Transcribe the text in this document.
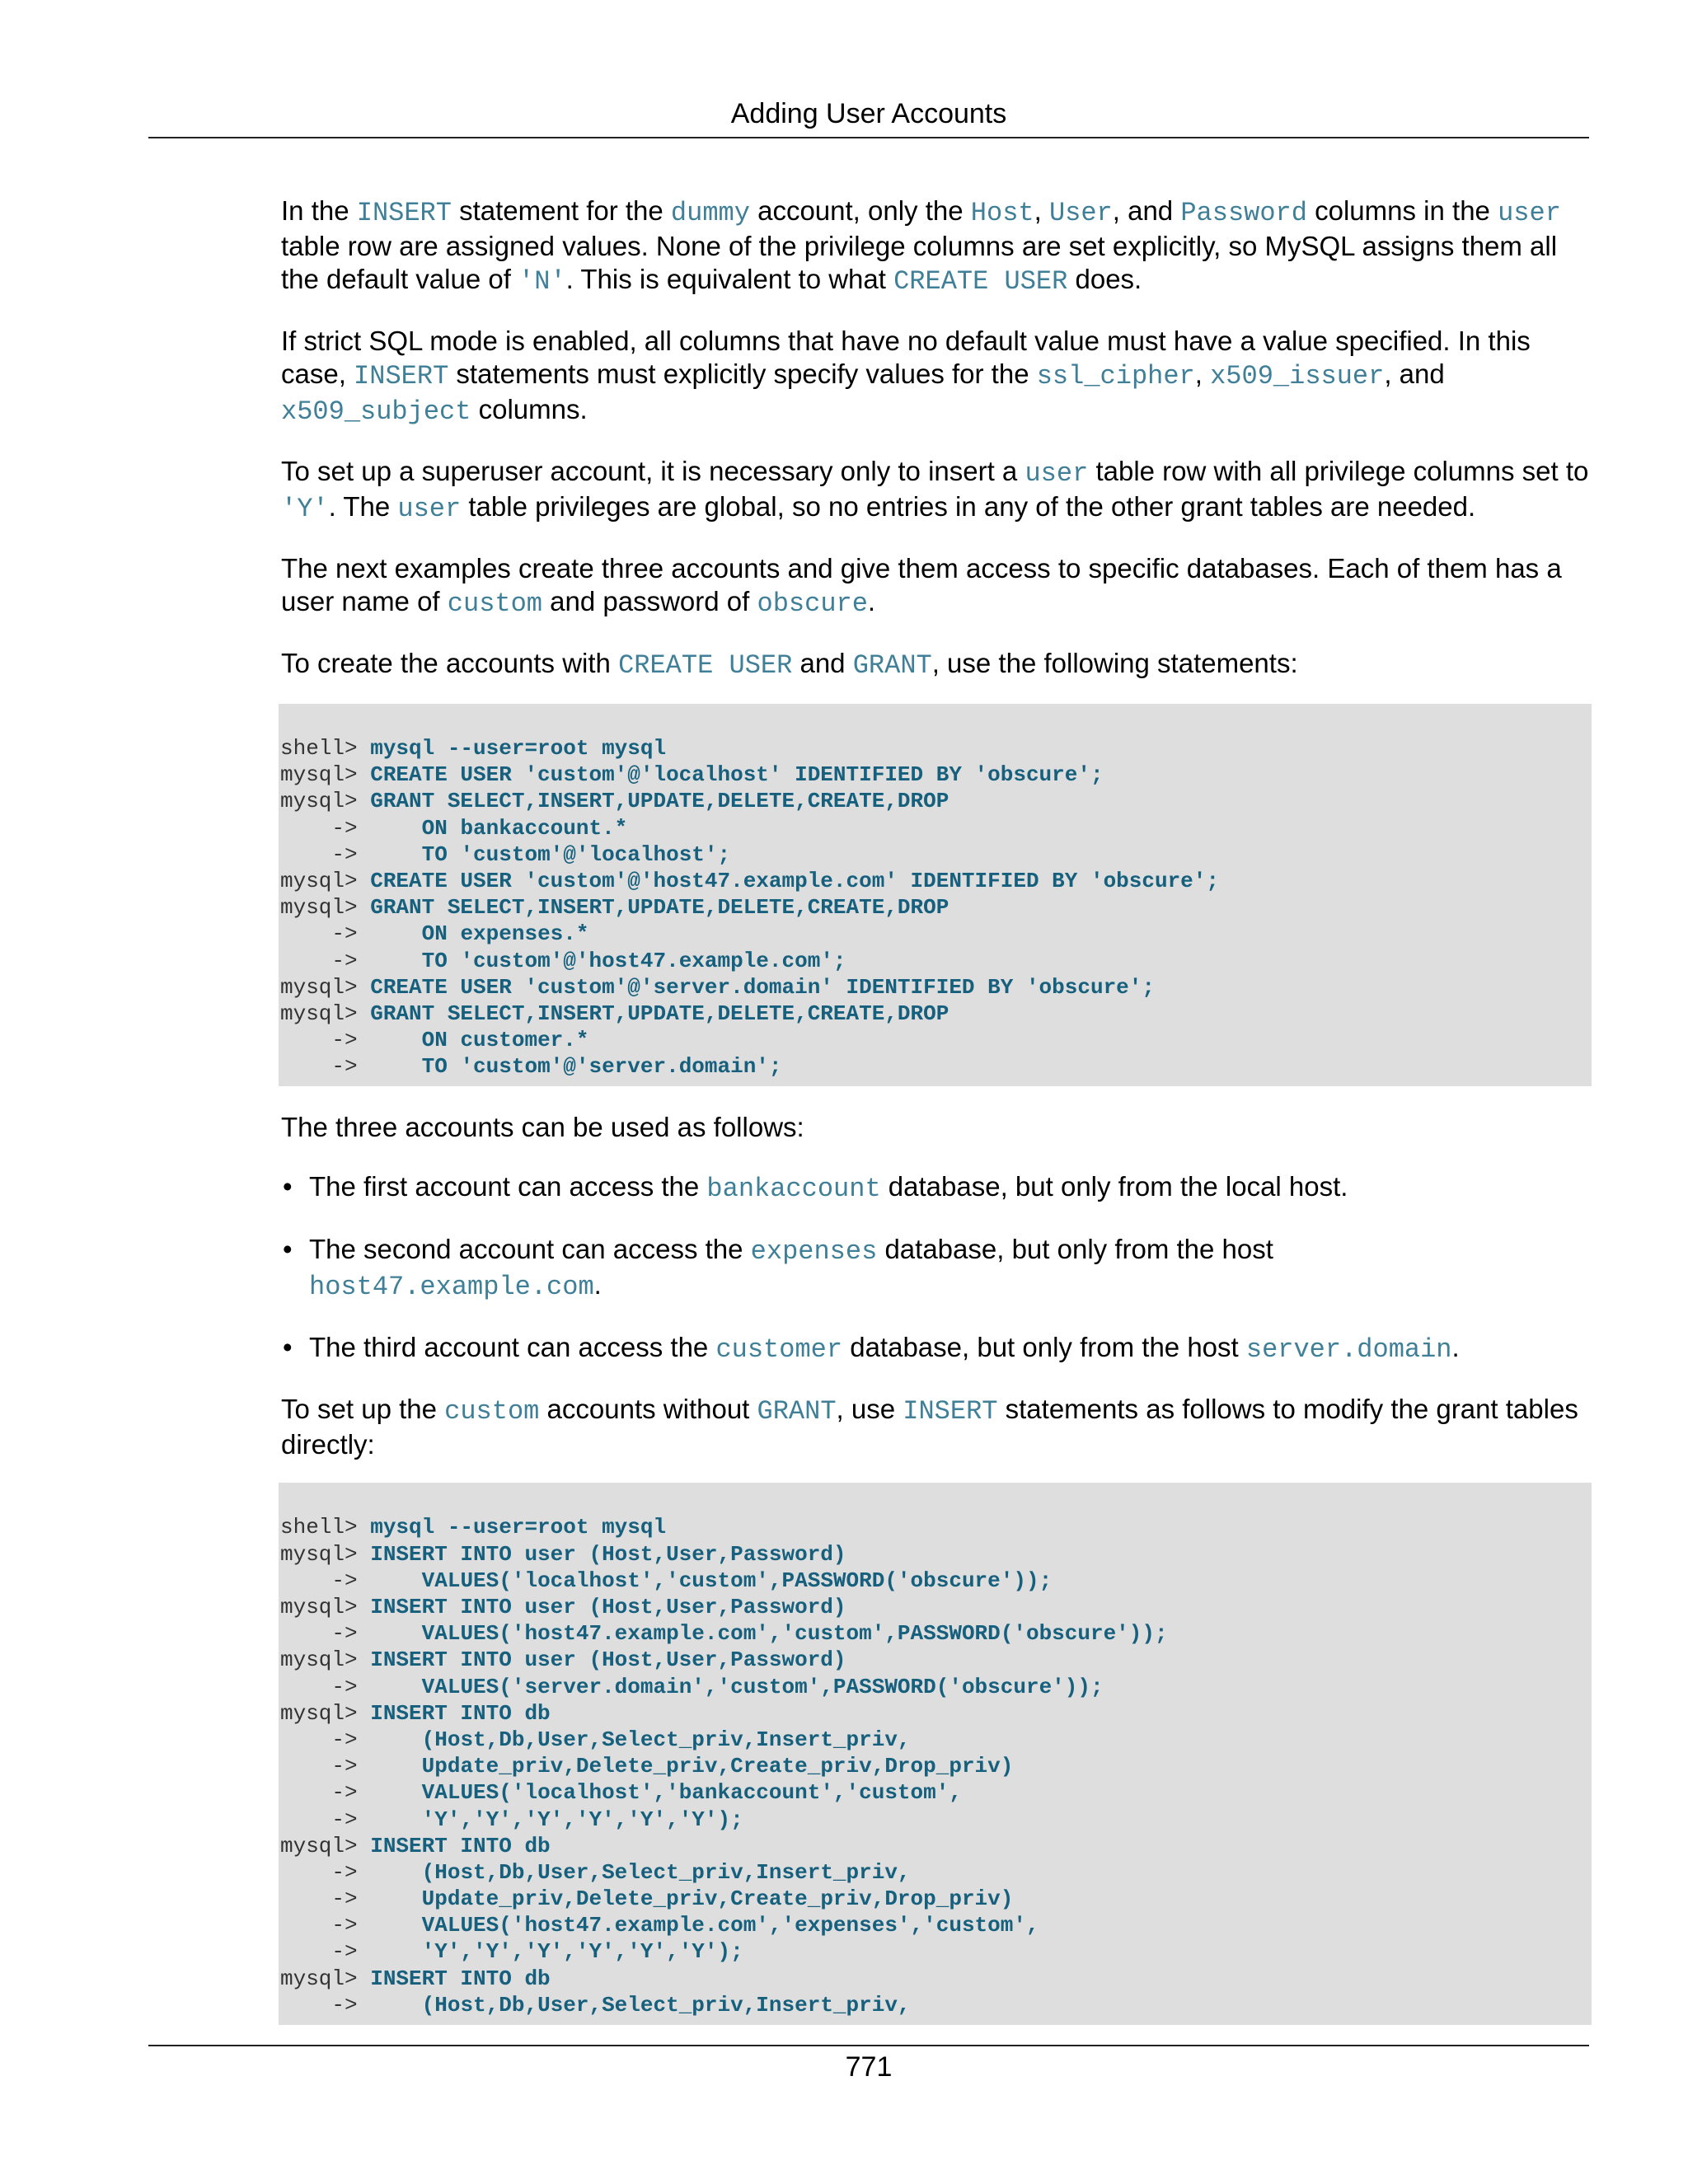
Adding User Accounts

In the INSERT statement for the dummy account, only the Host, User, and Password columns in the user table row are assigned values. None of the privilege columns are set explicitly, so MySQL assigns them all the default value of 'N'. This is equivalent to what CREATE USER does.

If strict SQL mode is enabled, all columns that have no default value must have a value specified. In this case, INSERT statements must explicitly specify values for the ssl_cipher, x509_issuer, and x509_subject columns.

To set up a superuser account, it is necessary only to insert a user table row with all privilege columns set to 'Y'. The user table privileges are global, so no entries in any of the other grant tables are needed.

The next examples create three accounts and give them access to specific databases. Each of them has a user name of custom and password of obscure.

To create the accounts with CREATE USER and GRANT, use the following statements:

shell> mysql --user=root mysql
mysql> CREATE USER 'custom'@'localhost' IDENTIFIED BY 'obscure';
mysql> GRANT SELECT,INSERT,UPDATE,DELETE,CREATE,DROP
->     ON bankaccount.*
->     TO 'custom'@'localhost';
mysql> CREATE USER 'custom'@'host47.example.com' IDENTIFIED BY 'obscure';
mysql> GRANT SELECT,INSERT,UPDATE,DELETE,CREATE,DROP
->     ON expenses.*
->     TO 'custom'@'host47.example.com';
mysql> CREATE USER 'custom'@'server.domain' IDENTIFIED BY 'obscure';
mysql> GRANT SELECT,INSERT,UPDATE,DELETE,CREATE,DROP
->     ON customer.*
->     TO 'custom'@'server.domain';

The three accounts can be used as follows:

• The first account can access the bankaccount database, but only from the local host.
• The second account can access the expenses database, but only from the host
host47.example.com.
• The third account can access the customer database, but only from the host server.domain.

To set up the custom accounts without GRANT, use INSERT statements as follows to modify the grant tables directly:

shell> mysql --user=root mysql
mysql> INSERT INTO user (Host,User,Password)
->     VALUES('localhost','custom',PASSWORD('obscure'));
mysql> INSERT INTO user (Host,User,Password)
->     VALUES('host47.example.com','custom',PASSWORD('obscure'));
mysql> INSERT INTO user (Host,User,Password)
->     VALUES('server.domain','custom',PASSWORD('obscure'));
mysql> INSERT INTO db
->     (Host,Db,User,Select_priv,Insert_priv,
->     Update_priv,Delete_priv,Create_priv,Drop_priv)
->     VALUES('localhost','bankaccount','custom',
->     'Y','Y','Y','Y','Y','Y');
mysql> INSERT INTO db
->     (Host,Db,User,Select_priv,Insert_priv,
->     Update_priv,Delete_priv,Create_priv,Drop_priv)
->     VALUES('host47.example.com','expenses','custom',
->     'Y','Y','Y','Y','Y','Y');
mysql> INSERT INTO db
->     (Host,Db,User,Select_priv,Insert_priv,
771
